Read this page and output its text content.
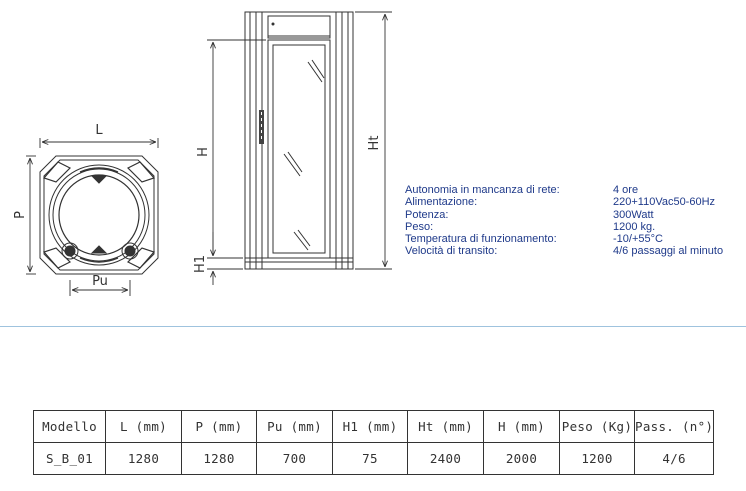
L
P
Pu
H
H1
Ht
Autonomia in mancanza di rete:	4 ore
Alimentazione:	220+110Vac50-60Hz
Potenza:	300Watt
Peso:	1200 kg.
Temperatura di funzionamento:	-10/+55°C
Velocità di transito:	4/6 passaggi al minuto
Modello	L (mm)	P (mm)	Pu (mm)	H1 (mm)	Ht (mm)	H (mm)	Peso (Kg)	Pass. (n°)
S_B_01	1280	1280	700	75	2400	2000	1200	4/6
